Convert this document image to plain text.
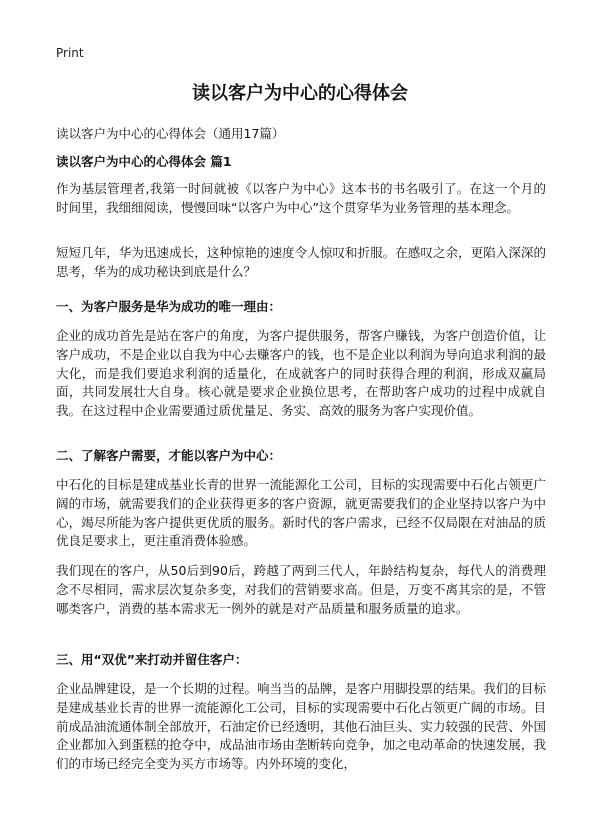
Print
读以客户为中心的心得体会
读以客户为中心的心得体会（通用17篇）
读以客户为中心的心得体会 篇1
作为基层管理者,我第一时间就被《以客户为中心》这本书的书名吸引了。在这一个月的时间里，我细细阅读，慢慢回味“以客户为中心”这个贯穿华为业务管理的基本理念。
短短几年，华为迅速成长，这种惊艳的速度令人惊叹和折服。在感叹之余，更陷入深深的思考，华为的成功秘诀到底是什么？
一、为客户服务是华为成功的唯一理由：
企业的成功首先是站在客户的角度，为客户提供服务，帮客户赚钱，为客户创造价值，让客户成功，不是企业以自我为中心去赚客户的钱，也不是企业以利润为导向追求利润的最大化，而是我们要追求利润的适量化，在成就客户的同时获得合理的利润，形成双赢局面，共同发展壮大自身。核心就是要求企业换位思考，在帮助客户成功的过程中成就自我。在这过程中企业需要通过质优量足、务实、高效的服务为客户实现价值。
二、了解客户需要，才能以客户为中心：
中石化的目标是建成基业长青的世界一流能源化工公司，目标的实现需要中石化占领更广阔的市场，就需要我们的企业获得更多的客户资源，就更需要我们的企业坚持以客户为中心，竭尽所能为客户提供更优质的服务。新时代的客户需求，已经不仅局限在对油品的质优良足要求上，更注重消费体验感。
我们现在的客户，从50后到90后，跨越了两到三代人，年龄结构复杂，每代人的消费理念不尽相同，需求层次复杂多变，对我们的营销要求高。但是，万变不离其宗的是，不管哪类客户，消费的基本需求无一例外的就是对产品质量和服务质量的追求。
三、用“双优”来打动并留住客户：
企业品牌建设，是一个长期的过程。响当当的品牌，是客户用脚投票的结果。我们的目标是建成基业长青的世界一流能源化工公司，目标的实现需要中石化占领更广阔的市场。目前成品油流通体制全部放开，石油定价已经透明，其他石油巨头、实力较强的民营、外国企业都加入到蛋糕的抢夺中，成品油市场由垄断转向竞争，加之电动革命的快速发展，我们的市场已经完全变为买方市场等。内外环境的变化，
